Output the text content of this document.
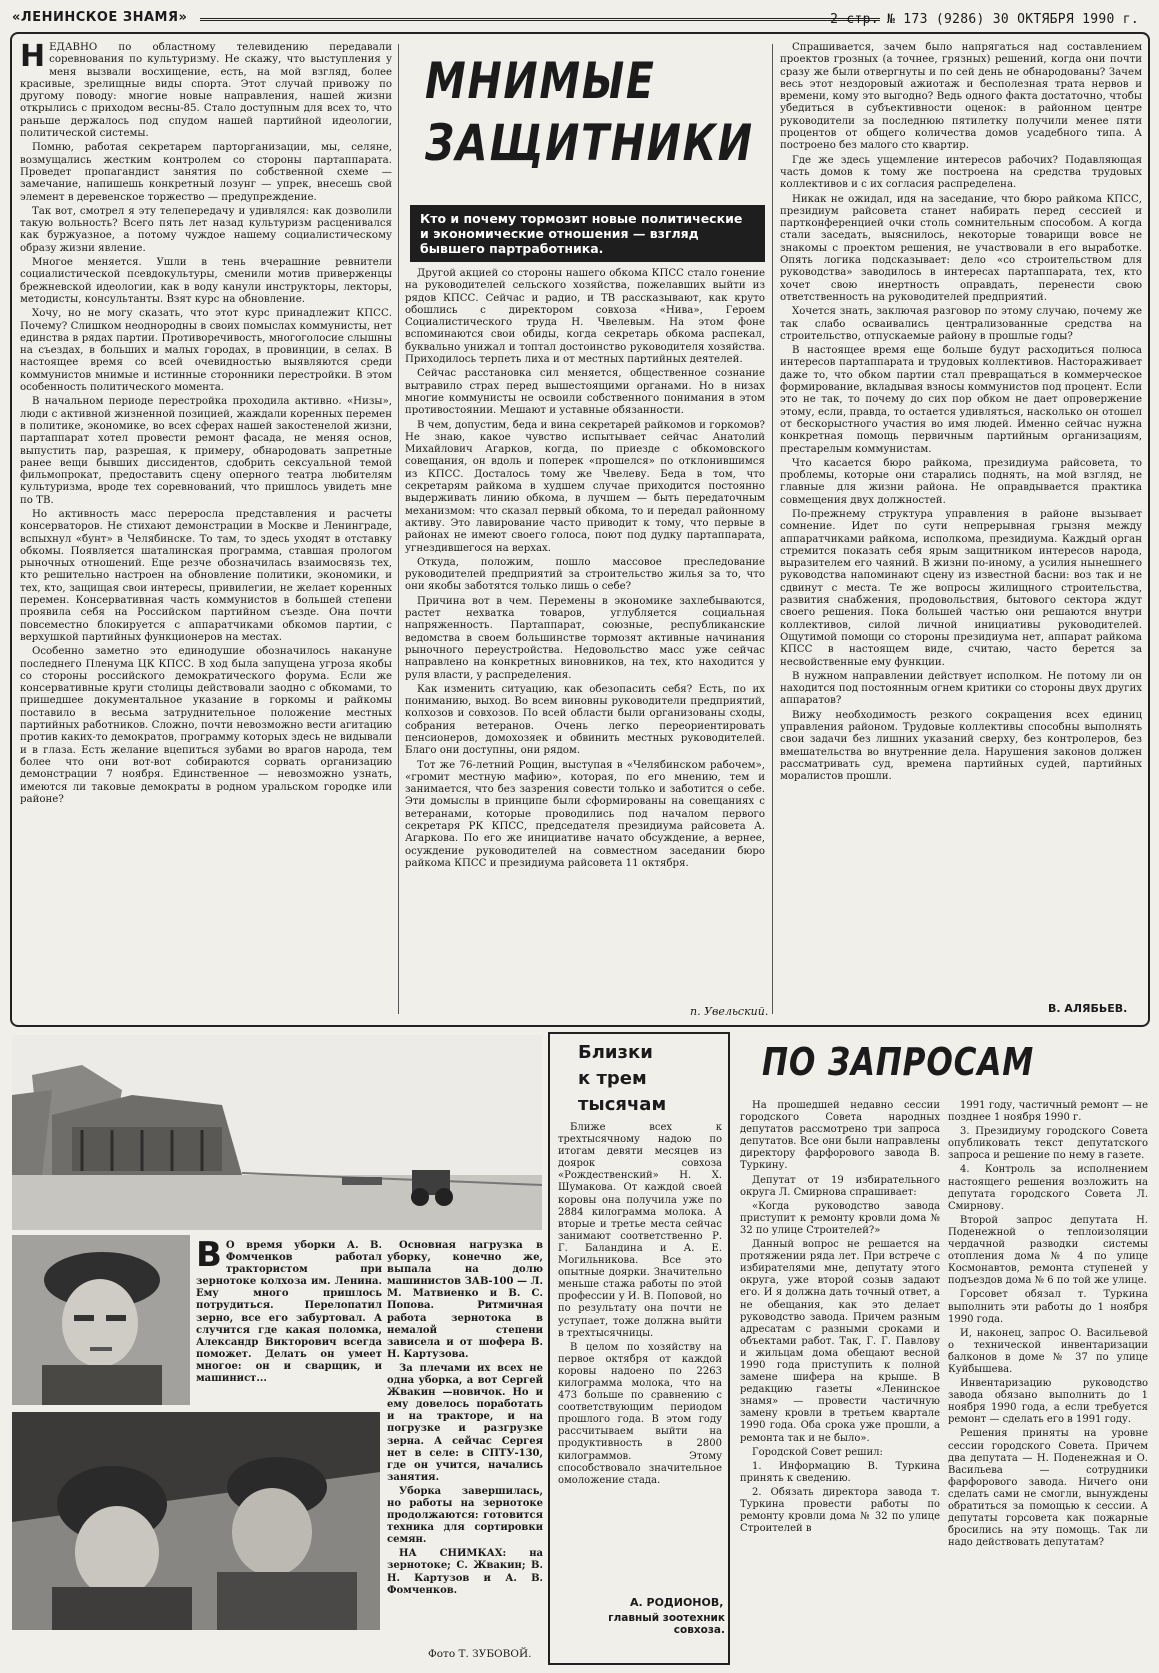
«ЛЕНИНСКОЕ ЗНАМЯ»	2 стр. № 173 (9286) 30 ОКТЯБРЯ 1990 г.

НЕДАВНО по областному телевидению передавали соревнования по культуризму. Не скажу, что выступления у меня вызвали восхищение, есть, на мой взгляд, более красивые, зрелищные виды спорта. Этот случай привожу по другому поводу: многие новые направления, нашей жизни открылись с приходом весны-85. Стало доступным для всех то, что раньше держалось под спудом нашей партийной идеологии, политической системы.

Помню, работая секретарем парторганизации, мы, селяне, возмущались жестким контролем со стороны партаппарата. Проведет пропагандист занятия по собственной схеме — замечание, напишешь конкретный лозунг — упрек, внесешь свой элемент в деревенское торжество — предупреждение.

Так вот, смотрел я эту телепередачу и удивлялся: как дозволили такую вольность? Всего пять лет назад культуризм расценивался как буржуазное, а потому чуждое нашему социалистическому образу жизни явление.

Многое меняется. Ушли в тень вчерашние ревнители социалистической псевдокультуры, сменили мотив приверженцы брежневской идеологии, как в воду канули инструкторы, лекторы, методисты, консультанты. Взят курс на обновление.

Хочу, но не могу сказать, что этот курс принадлежит КПСС. Почему? Слишком неоднородны в своих помыслах коммунисты, нет единства в рядах партии. Противоречивость, многоголосие слышны на съездах, в больших и малых городах, в провинции, в селах. В настоящее время со всей очевидностью выявляются среди коммунистов мнимые и истинные сторонники перестройки. В этом особенность политического момента.

В начальном периоде перестройка проходила активно. «Низы», люди с активной жизненной позицией, жаждали коренных перемен в политике, экономике, во всех сферах нашей закостенелой жизни, партаппарат хотел провести ремонт фасада, не меняя основ, выпустить пар, разрешая, к примеру, обнародовать запретные ранее вещи бывших диссидентов, сдобрить сексуальной темой фильмопрокат, предоставить сцену оперного театра любителям культуризма, вроде тех соревнований, что пришлось увидеть мне по ТВ.

Но активность масс переросла представления и расчеты консерваторов. Не стихают демонстрации в Москве и Ленинграде, вспыхнул «бунт» в Челябинске. То там, то здесь уходят в отставку обкомы. Появляется шаталинская программа, ставшая прологом рыночных отношений. Еще резче обозначилась взаимосвязь тех, кто решительно настроен на обновление политики, экономики, и тех, кто, защищая свои интересы, привилегии, не желает коренных перемен. Консервативная часть коммунистов в большей степени проявила себя на Российском партийном съезде. Она почти повсеместно блокируется с аппаратчиками обкомов партии, с верхушкой партийных функционеров на местах.

Особенно заметно это единодушие обозначилось накануне последнего Пленума ЦК КПСС. В ход была запущена угроза якобы со стороны российского демократического форума. Если же консервативные круги столицы действовали заодно с обкомами, то пришедшее документальное указание в горкомы и райкомы поставило в весьма затруднительное положение местных партийных работников. Сложно, почти невозможно вести агитацию против каких-то демократов, программу которых здесь не видывали и в глаза. Есть желание вцепиться зубами во врагов народа, тем более что они вот-вот собираются сорвать организацию демонстрации 7 ноября. Единственное — невозможно узнать, имеются ли таковые демократы в родном уральском городке или районе?

МНИМЫЕ
ЗАЩИТНИКИ
Кто и почему тормозит новые политические и экономические отношения — взгляд бывшего партработника.

Другой акцией со стороны нашего обкома КПСС стало гонение на руководителей сельского хозяйства, пожелавших выйти из рядов КПСС. Сейчас и радио, и ТВ рассказывают, как круто обошлись с директором совхоза «Нива», Героем Социалистического труда Н. Чвелевым. На этом фоне вспоминаются свои обиды, когда секретарь обкома распекал, буквально унижал и топтал достоинство руководителя хозяйства. Приходилось терпеть лиха и от местных партийных деятелей.

Сейчас расстановка сил меняется, общественное сознание вытравило страх перед вышестоящими органами. Но в низах многие коммунисты не освоили собственного понимания в этом противостоянии. Мешают и уставные обязанности.

В чем, допустим, беда и вина секретарей райкомов и горкомов? Не знаю, какое чувство испытывает сейчас Анатолий Михайлович Агарков, когда, по приезде с обкомовского совещания, он вдоль и поперек «прошелся» по отклонившимся из КПСС. Досталось тому же Чвелеву. Беда в том, что секретарям райкома в худшем случае приходится постоянно выдерживать линию обкома, в лучшем — быть передаточным механизмом: что сказал первый обкома, то и передал районному активу. Это лавирование часто приводит к тому, что первые в районах не имеют своего голоса, поют под дудку партаппарата, угнездившегося на верхах.

Откуда, положим, пошло массовое преследование руководителей предприятий за строительство жилья за то, что они якобы заботятся только лишь о себе?

Причина вот в чем. Перемены в экономике захлебываются, растет нехватка товаров, углубляется социальная напряженность. Партаппарат, союзные, республиканские ведомства в своем большинстве тормозят активные начинания рыночного переустройства. Недовольство масс уже сейчас направлено на конкретных виновников, на тех, кто находится у руля власти, у распределения.

Как изменить ситуацию, как обезопасить себя? Есть, по их пониманию, выход. Во всем виновны руководители предприятий, колхозов и совхозов. По всей области были организованы сходы, собрания ветеранов. Очень легко переориентировать пенсионеров, домохозяек и обвинить местных руководителей. Благо они доступны, они рядом.

Тот же 76-летний Рощин, выступая в «Челябинском рабочем», «громит местную мафию», которая, по его мнению, тем и занимается, что без зазрения совести только и заботится о себе. Эти домыслы в принципе были сформированы на совещаниях с ветеранами, которые проводились под началом первого секретаря РК КПСС, председателя президиума райсовета А. Агаркова. По его же инициативе начато обсуждение, а вернее, осуждение руководителей на совместном заседании бюро райкома КПСС и президиума райсовета 11 октября.

Спрашивается, зачем было напрягаться над составлением проектов грозных (а точнее, грязных) решений, когда они почти сразу же были отвергнуты и по сей день не обнародованы? Зачем весь этот нездоровый ажиотаж и бесполезная трата нервов и времени, кому это выгодно? Ведь одного факта достаточно, чтобы убедиться в субъективности оценок: в районном центре руководители за последнюю пятилетку получили менее пяти процентов от общего количества домов усадебного типа. А построено без малого сто квартир.

Где же здесь ущемление интересов рабочих? Подавляющая часть домов к тому же построена на средства трудовых коллективов и с их согласия распределена.

Никак не ожидал, идя на заседание, что бюро райкома КПСС, президиум райсовета станет набирать перед сессией и партконференцией очки столь сомнительным способом. А когда стали заседать, выяснилось, некоторые товарищи вовсе не знакомы с проектом решения, не участвовали в его выработке. Опять логика подсказывает: дело «со строительством для руководства» заводилось в интересах партаппарата, тех, кто хочет свою инертность оправдать, перенести свою ответственность на руководителей предприятий.

Хочется знать, заключая разговор по этому случаю, почему же так слабо осваивались централизованные средства на строительство, отпускаемые району в прошлые годы?

В настоящее время еще больше будут расходиться полюса интересов партаппарата и трудовых коллективов. Настораживает даже то, что обком партии стал превращаться в коммерческое формирование, вкладывая взносы коммунистов под процент. Если это не так, то почему до сих пор обком не дает опровержение этому, если, правда, то остается удивляться, насколько он отошел от бескорыстного участия во имя людей. Именно сейчас нужна конкретная помощь первичным партийным организациям, престарелым коммунистам.

Что касается бюро райкома, президиума райсовета, то проблемы, которые они старались поднять, на мой взгляд, не главные для жизни района. Не оправдывается практика совмещения двух должностей.

По-прежнему структура управления в районе вызывает сомнение. Идет по сути непрерывная грызня между аппаратчиками райкома, исполкома, президиума. Каждый орган стремится показать себя ярым защитником интересов народа, выразителем его чаяний. В жизни по-иному, а усилия нынешнего руководства напоминают сцену из известной басни: воз так и не сдвинут с места. Те же вопросы жилищного строительства, развития снабжения, продовольствия, бытового сектора ждут своего решения. Пока большей частью они решаются внутри коллективов, силой личной инициативы руководителей. Ощутимой помощи со стороны президиума нет, аппарат райкома КПСС в настоящем виде, считаю, часто берется за несвойственные ему функции.

В нужном направлении действует исполком. Не потому ли он находится под постоянным огнем критики со стороны двух других аппаратов?

Вижу необходимость резкого сокращения всех единиц управления районом. Трудовые коллективы способны выполнять свои задачи без лишних указаний сверху, без контролеров, без вмешательства во внутренние дела. Нарушения законов должен рассматривать суд, времена партийных судей, партийных моралистов прошли.

п. Увельский.	В. АЛЯБЬЕВ.
В О время уборки А. В. Фомченков работал трактористом при зернотоке колхоза им. Ленина. Ему много пришлось потрудиться. Перелопатил зерно, все его забуртовал. А случится где какая поломка, Александр Викторович всегда поможет. Делать он умеет многое: он и сварщик, и машинист...

Основная нагрузка в уборку, конечно же, выпала на долю машинистов ЗАВ-100 — Л. М. Матвиенко и В. С. Попова. Ритмичная работа зернотока в немалой степени зависела и от шофера В. Н. Картузова.

За плечами их всех не одна уборка, а вот Сергей Жвакин —новичок. Но и ему довелось поработать и на тракторе, и на погрузке и разгрузке зерна. А сейчас Сергея нет в селе: в СПТУ-130, где он учится, начались занятия.

Уборка завершилась, но работы на зернотоке продолжаются: готовится техника для сортировки семян.

НА СНИМКАХ: на зернотоке; С. Жвакин; В. Н. Картузов и А. В. Фомченков.

Фото Т. ЗУБОВОЙ.
Близки
к трем
тысячам

Ближе всех к трехтысячному надою по итогам девяти месяцев из доярок совхоза «Рождественский» Н. Х. Шумакова. От каждой своей коровы она получила уже по 2884 килограмма молока. А вторые и третье места сейчас занимают соответственно Р. Г. Баландина и А. Е. Могильникова. Все это опытные доярки. Значительно меньше стажа работы по этой профессии у И. В. Поповой, но по результату она почти не уступает, тоже должна выйти в трехтысячницы.

В целом по хозяйству на первое октября от каждой коровы надоено по 2263 килограмма молока, что на 473 больше по сравнению с соответствующим периодом прошлого года. В этом году рассчитываем выйти на продуктивность в 2800 килограммов. Этому способствовало значительное омоложение стада.

А. РОДИОНОВ,
главный зоотехник совхоза.
ПО ЗАПРОСАМ

На прошедшей недавно сессии городского Совета народных депутатов рассмотрено три запроса депутатов. Все они были направлены директору фарфорового завода В. Туркину.

Депутат от 19 избирательного округа Л. Смирнова спрашивает:

«Когда руководство завода приступит к ремонту кровли дома № 32 по улице Строителей?»

Данный вопрос не решается на протяжении ряда лет. При встрече с избирателями мне, депутату этого округа, уже второй созыв задают его. И я должна дать точный ответ, а не обещания, как это делает руководство завода. Причем разным адресатам с разными сроками и объектами работ. Так, Г. Г. Павлову и жильцам дома обещают весной 1990 года приступить к полной замене шифера на крыше. В редакцию газеты «Ленинское знамя» — провести частичную замену кровли в третьем квартале 1990 года. Оба срока уже прошли, а ремонта так и не было».

Городской Совет решил:

1. Информацию В. Туркина принять к сведению.

2. Обязать директора завода т. Туркина провести работы по ремонту кровли дома № 32 по улице Строителей в

1991 году, частичный ремонт — не позднее 1 ноября 1990 г.

3. Президиуму городского Совета опубликовать текст депутатского запроса и решение по нему в газете.

4. Контроль за исполнением настоящего решения возложить на депутата городского Совета Л. Смирнову.

Второй запрос депутата Н. Поденежной о теплоизоляции чердачной разводки системы отопления дома № 4 по улице Космонавтов, ремонта ступеней у подъездов дома № 6 по той же улице.

Горсовет обязал т. Туркина выполнить эти работы до 1 ноября 1990 года.

И, наконец, запрос О. Васильевой о технической инвентаризации балконов в доме № 37 по улице Куйбышева.

Инвентаризацию руководство завода обязано выполнить до 1 ноября 1990 года, а если требуется ремонт — сделать его в 1991 году.

Решения приняты на уровне сессии городского Совета. Причем два депутата — Н. Поденежная и О. Васильева — сотрудники фарфорового завода. Ничего они сделать сами не смогли, вынуждены обратиться за помощью к сессии. А депутаты горсовета как пожарные бросились на эту помощь. Так ли надо действовать депутатам?
